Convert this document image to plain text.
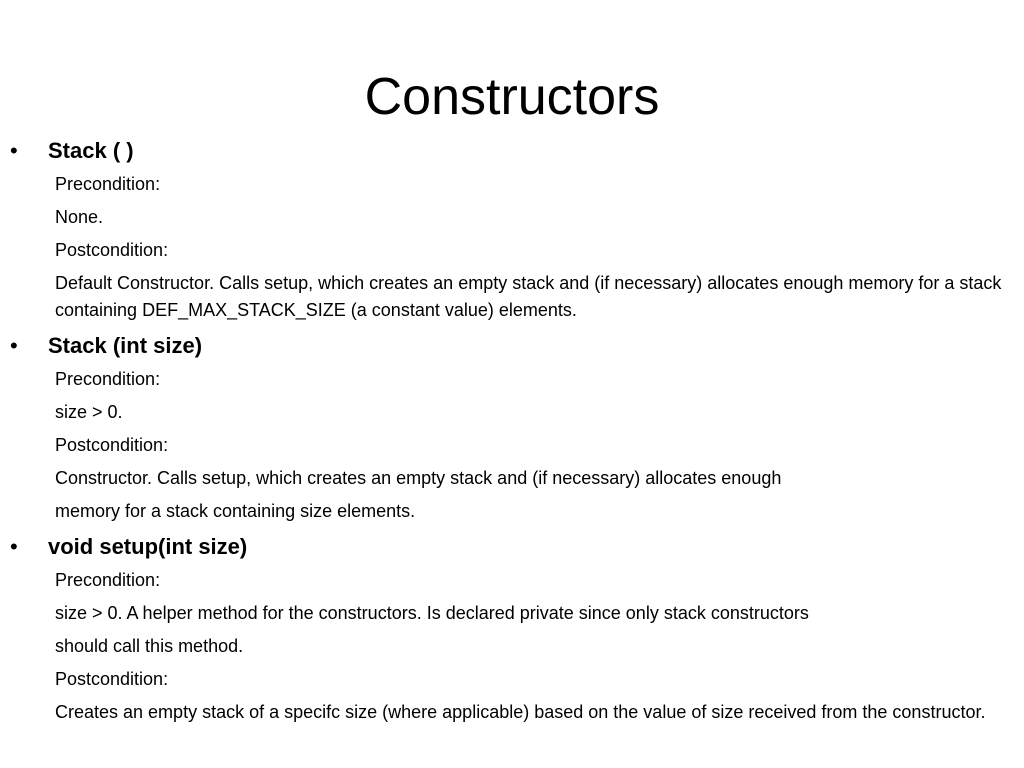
Constructors
• Stack ( )
Precondition:
None.
Postcondition:
Default Constructor. Calls setup, which creates an empty stack and (if necessary) allocates enough memory for a stack containing DEF_MAX_STACK_SIZE (a constant value) elements.
• Stack (int size)
Precondition:
size > 0.
Postcondition:
Constructor. Calls setup, which creates an empty stack and (if necessary) allocates enough
memory for a stack containing size elements.
• void setup(int size)
Precondition:
size > 0. A helper method for the constructors. Is declared private since only stack constructors
should call this method.
Postcondition:
Creates an empty stack of a specifc size (where applicable) based on the value of size received from the constructor.
